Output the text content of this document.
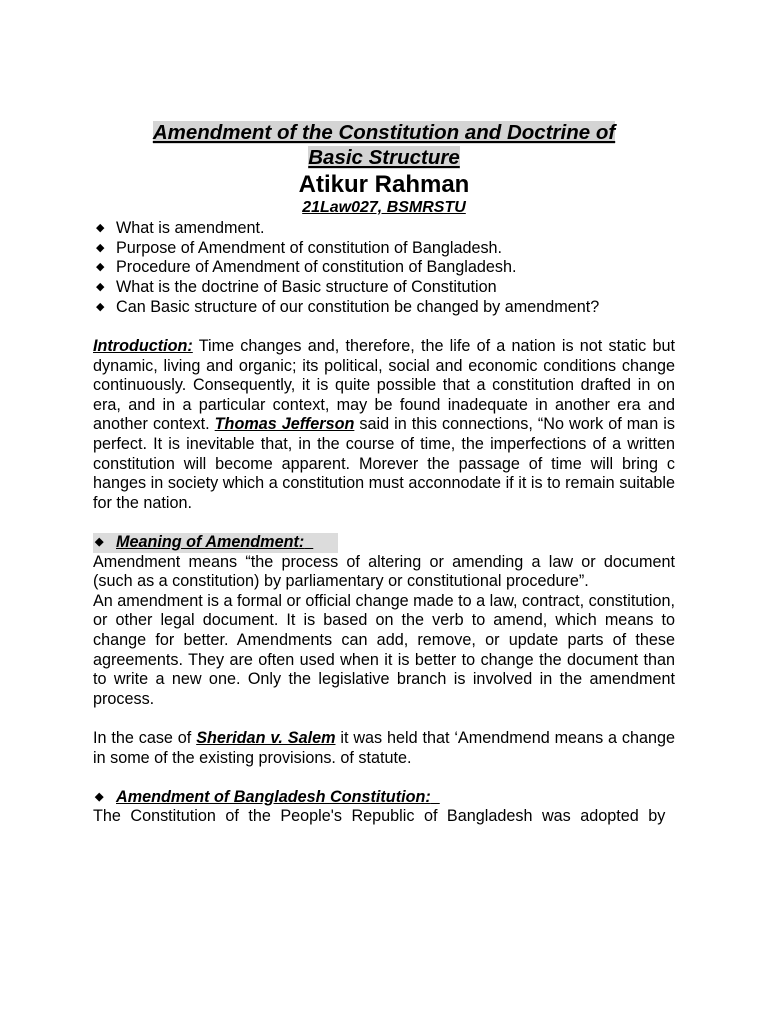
Amendment of the Constitution and Doctrine of
Basic Structure

Atikur Rahman

21Law027, BSMRSTU

◆ What is amendment.
◆ Purpose of Amendment of constitution of Bangladesh.
◆ Procedure of Amendment of constitution of Bangladesh.
◆ What is the doctrine of Basic structure of Constitution
◆ Can Basic structure of our constitution be changed by amendment?

Introduction: Time changes and, therefore, the life of a nation is not static but dynamic, living and organic; its political, social and economic conditions change continuously. Consequently, it is quite possible that a constitution drafted in on era, and in a particular context, may be found inadequate in another era and another context. Thomas Jefferson said in this connections, “No work of man is perfect. It is inevitable that, in the course of time, the imperfections of a written constitution will become apparent. Morever the passage of time will bring c hanges in society which a constitution must acconnodate if it is to remain suitable for the nation.

◆ Meaning of Amendment:

Amendment means “the process of altering or amending a law or document (such as a constitution) by parliamentary or constitutional procedure”.

An amendment is a formal or official change made to a law, contract, constitution, or other legal document. It is based on the verb to amend, which means to change for better. Amendments can add, remove, or update parts of these agreements. They are often used when it is better to change the document than to write a new one. Only the legislative branch is involved in the amendment process.

In the case of Sheridan v. Salem it was held that ‘Amendmend means a change in some of the existing provisions. of statute.

◆ Amendment of Bangladesh Constitution:

The Constitution of the People's Republic of Bangladesh was adopted by
